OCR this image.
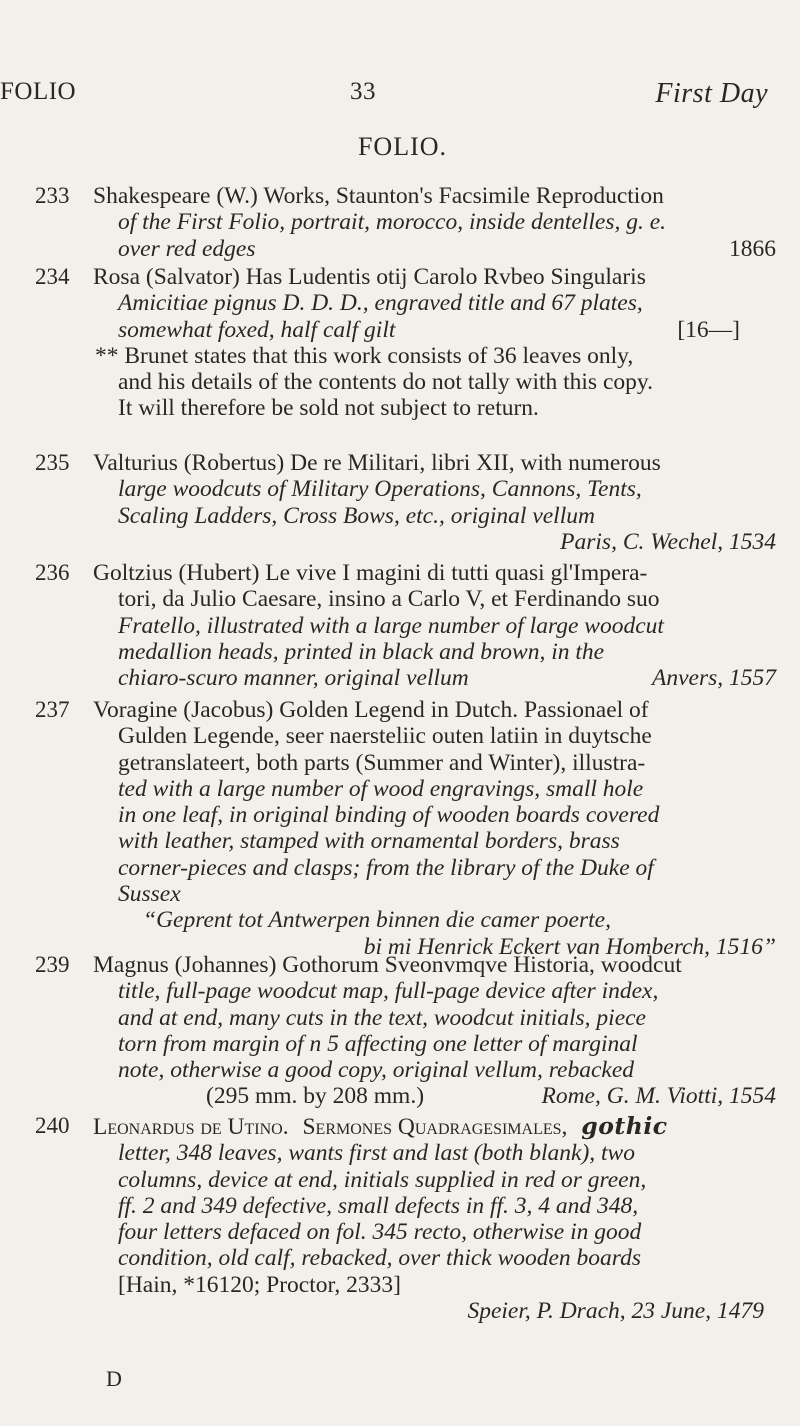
FOLIO	33	First Day
FOLIO.
233 Shakespeare (W.) Works, Staunton's Facsimile Reproduction
of the First Folio, portrait, morocco, inside dentelles, g. e.
over red edges	1866
234 Rosa (Salvator) Has Ludentis otij Carolo Rvbeo Singularis
Amicitiae pignus D. D. D., engraved title and 67 plates,
somewhat foxed, half calf gilt	[16—]
** Brunet states that this work consists of 36 leaves only,
and his details of the contents do not tally with this copy.
It will therefore be sold not subject to return.
235 Valturius (Robertus) De re Militari, libri XII, with numerous
large woodcuts of Military Operations, Cannons, Tents,
Scaling Ladders, Cross Bows, etc., original vellum
Paris, C. Wechel, 1534
236 Goltzius (Hubert) Le vive I magini di tutti quasi gl'Impera-
tori, da Julio Caesare, insino a Carlo V, et Ferdinando suo
Fratello, illustrated with a large number of large woodcut
medallion heads, printed in black and brown, in the
chiaro-scuro manner, original vellum	Anvers, 1557
237 Voragine (Jacobus) Golden Legend in Dutch. Passionael of
Gulden Legende, seer naersteliic outen latiin in duytsche
getranslateert, both parts (Summer and Winter), illustra-
ted with a large number of wood engravings, small hole
in one leaf, in original binding of wooden boards covered
with leather, stamped with ornamental borders, brass
corner-pieces and clasps; from the library of the Duke of
Sussex
“Geprent tot Antwerpen binnen die camer poerte,
bi mi Henrick Eckert van Homberch, 1516”
239 Magnus (Johannes) Gothorum Sveonvmqve Historia, woodcut
title, full-page woodcut map, full-page device after index,
and at end, many cuts in the text, woodcut initials, piece
torn from margin of n 5 affecting one letter of marginal
note, otherwise a good copy, original vellum, rebacked
(295 mm. by 208 mm.)	Rome, G. M. Viotti, 1554
240 Leonardus de Utino. Sermones Quadragesimales, gothic
letter, 348 leaves, wants first and last (both blank), two
columns, device at end, initials supplied in red or green,
ff. 2 and 349 defective, small defects in ff. 3, 4 and 348,
four letters defaced on fol. 345 recto, otherwise in good
condition, old calf, rebacked, over thick wooden boards
[Hain, *16120; Proctor, 2333]
Speier, P. Drach, 23 June, 1479
D
